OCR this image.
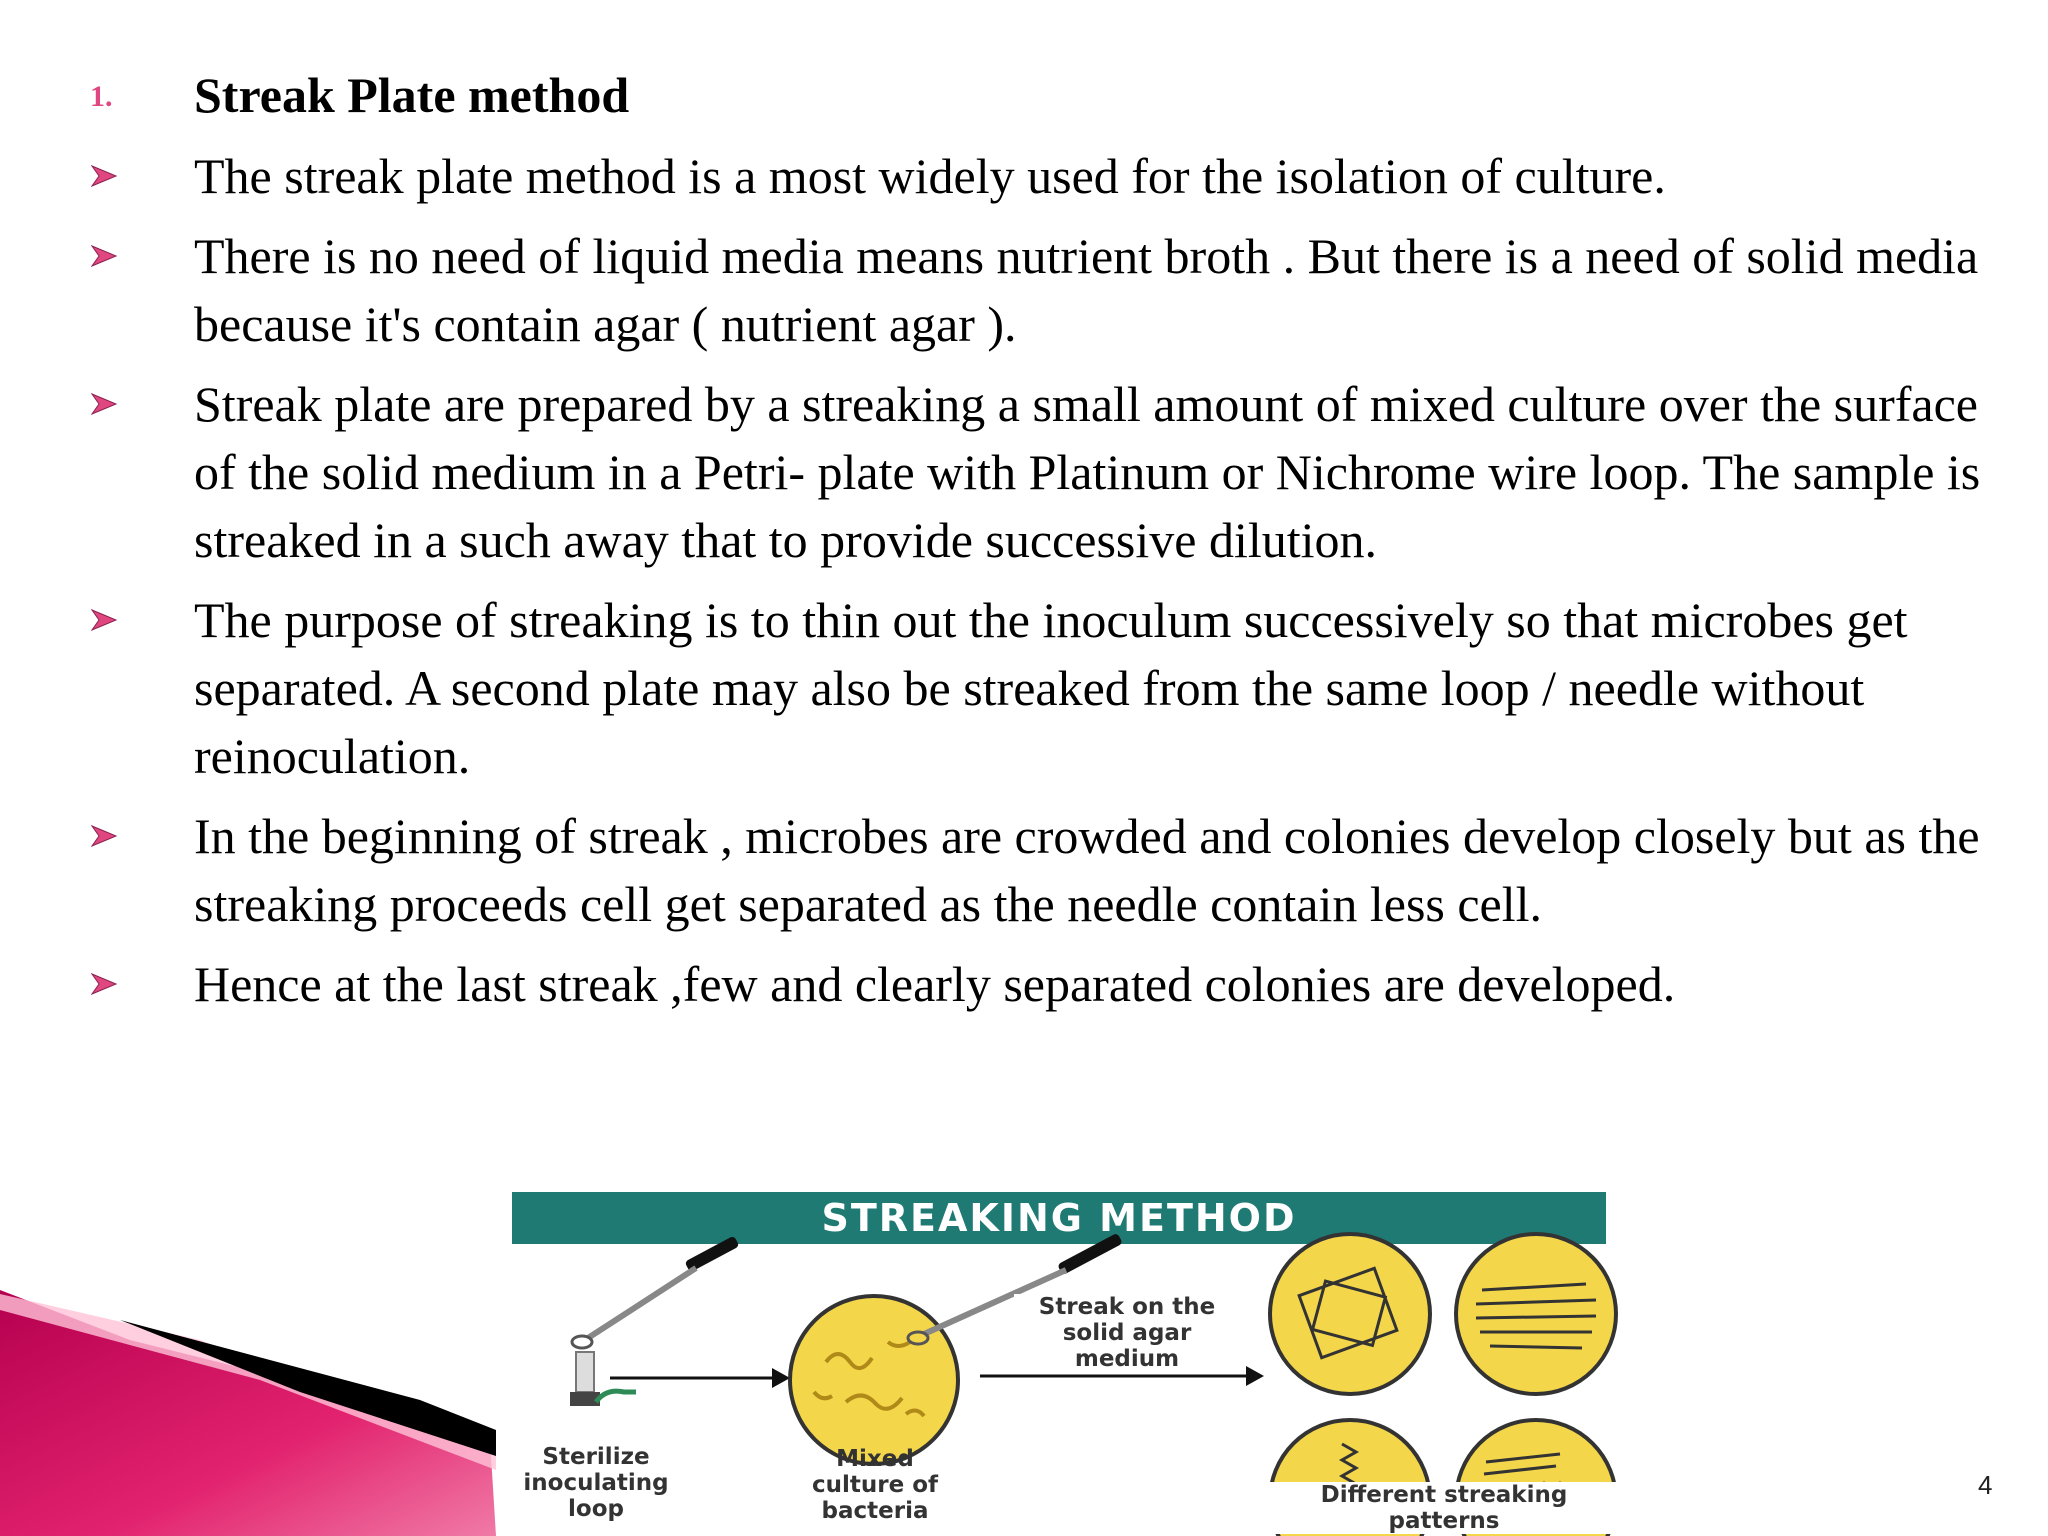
1.	Streak Plate method
The streak plate method is a most widely used for the isolation of culture.
There is no need of liquid media means nutrient broth . But there is a need of solid media because it's contain agar ( nutrient agar ).
Streak plate are prepared by a streaking a small amount of mixed culture over the surface of the solid medium in a Petri- plate with Platinum or Nichrome wire loop. The sample is streaked in a such away that to provide successive dilution.
The purpose of streaking is to thin out the inoculum successively so that microbes get separated. A second plate may also be streaked from the same loop / needle without reinoculation.
In the beginning of streak , microbes are crowded and colonies develop closely but as the streaking proceeds cell get separated as the needle contain less cell.
Hence at the last streak ,few and clearly separated colonies are developed.
STREAKING METHOD
Sterilize inoculating loop
Mixed culture of bacteria
Streak on the solid agar medium
Different streaking patterns
4
